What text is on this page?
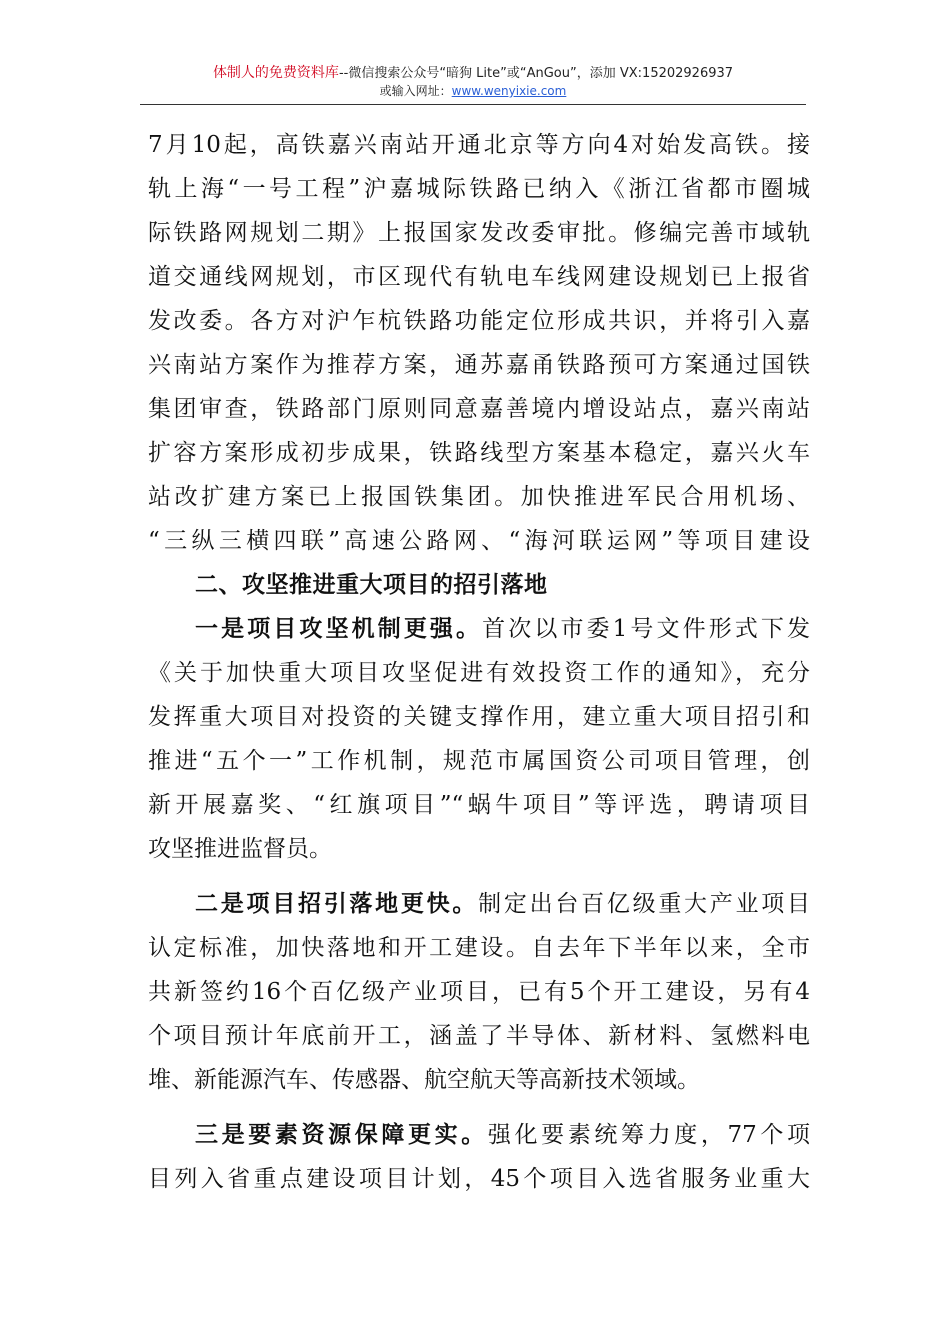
体制人的免费资料库--微信搜索公众号“暗狗 Lite”或“AnGou”，添加 VX:15202926937
或输入网址：www.wenyixie.com
7月10起，高铁嘉兴南站开通北京等方向4对始发高铁。接
轨上海“一号工程”沪嘉城际铁路已纳入《浙江省都市圈城
际铁路网规划二期》上报国家发改委审批。修编完善市域轨
道交通线网规划，市区现代有轨电车线网建设规划已上报省
发改委。各方对沪乍杭铁路功能定位形成共识，并将引入嘉
兴南站方案作为推荐方案，通苏嘉甬铁路预可方案通过国铁
集团审查，铁路部门原则同意嘉善境内增设站点，嘉兴南站
扩容方案形成初步成果，铁路线型方案基本稳定，嘉兴火车
站改扩建方案已上报国铁集团。加快推进军民合用机场、
“三纵三横四联”高速公路网、“海河联运网”等项目建设
二、攻坚推进重大项目的招引落地
一是项目攻坚机制更强。首次以市委1号文件形式下发
《关于加快重大项目攻坚促进有效投资工作的通知》，充分
发挥重大项目对投资的关键支撑作用，建立重大项目招引和
推进“五个一”工作机制，规范市属国资公司项目管理，创
新开展嘉奖、“红旗项目”“蜗牛项目”等评选，聘请项目
攻坚推进监督员。
二是项目招引落地更快。制定出台百亿级重大产业项目
认定标准，加快落地和开工建设。自去年下半年以来，全市
共新签约16个百亿级产业项目，已有5个开工建设，另有4
个项目预计年底前开工，涵盖了半导体、新材料、氢燃料电
堆、新能源汽车、传感器、航空航天等高新技术领域。
三是要素资源保障更实。强化要素统筹力度，77个项
目列入省重点建设项目计划，45个项目入选省服务业重大
